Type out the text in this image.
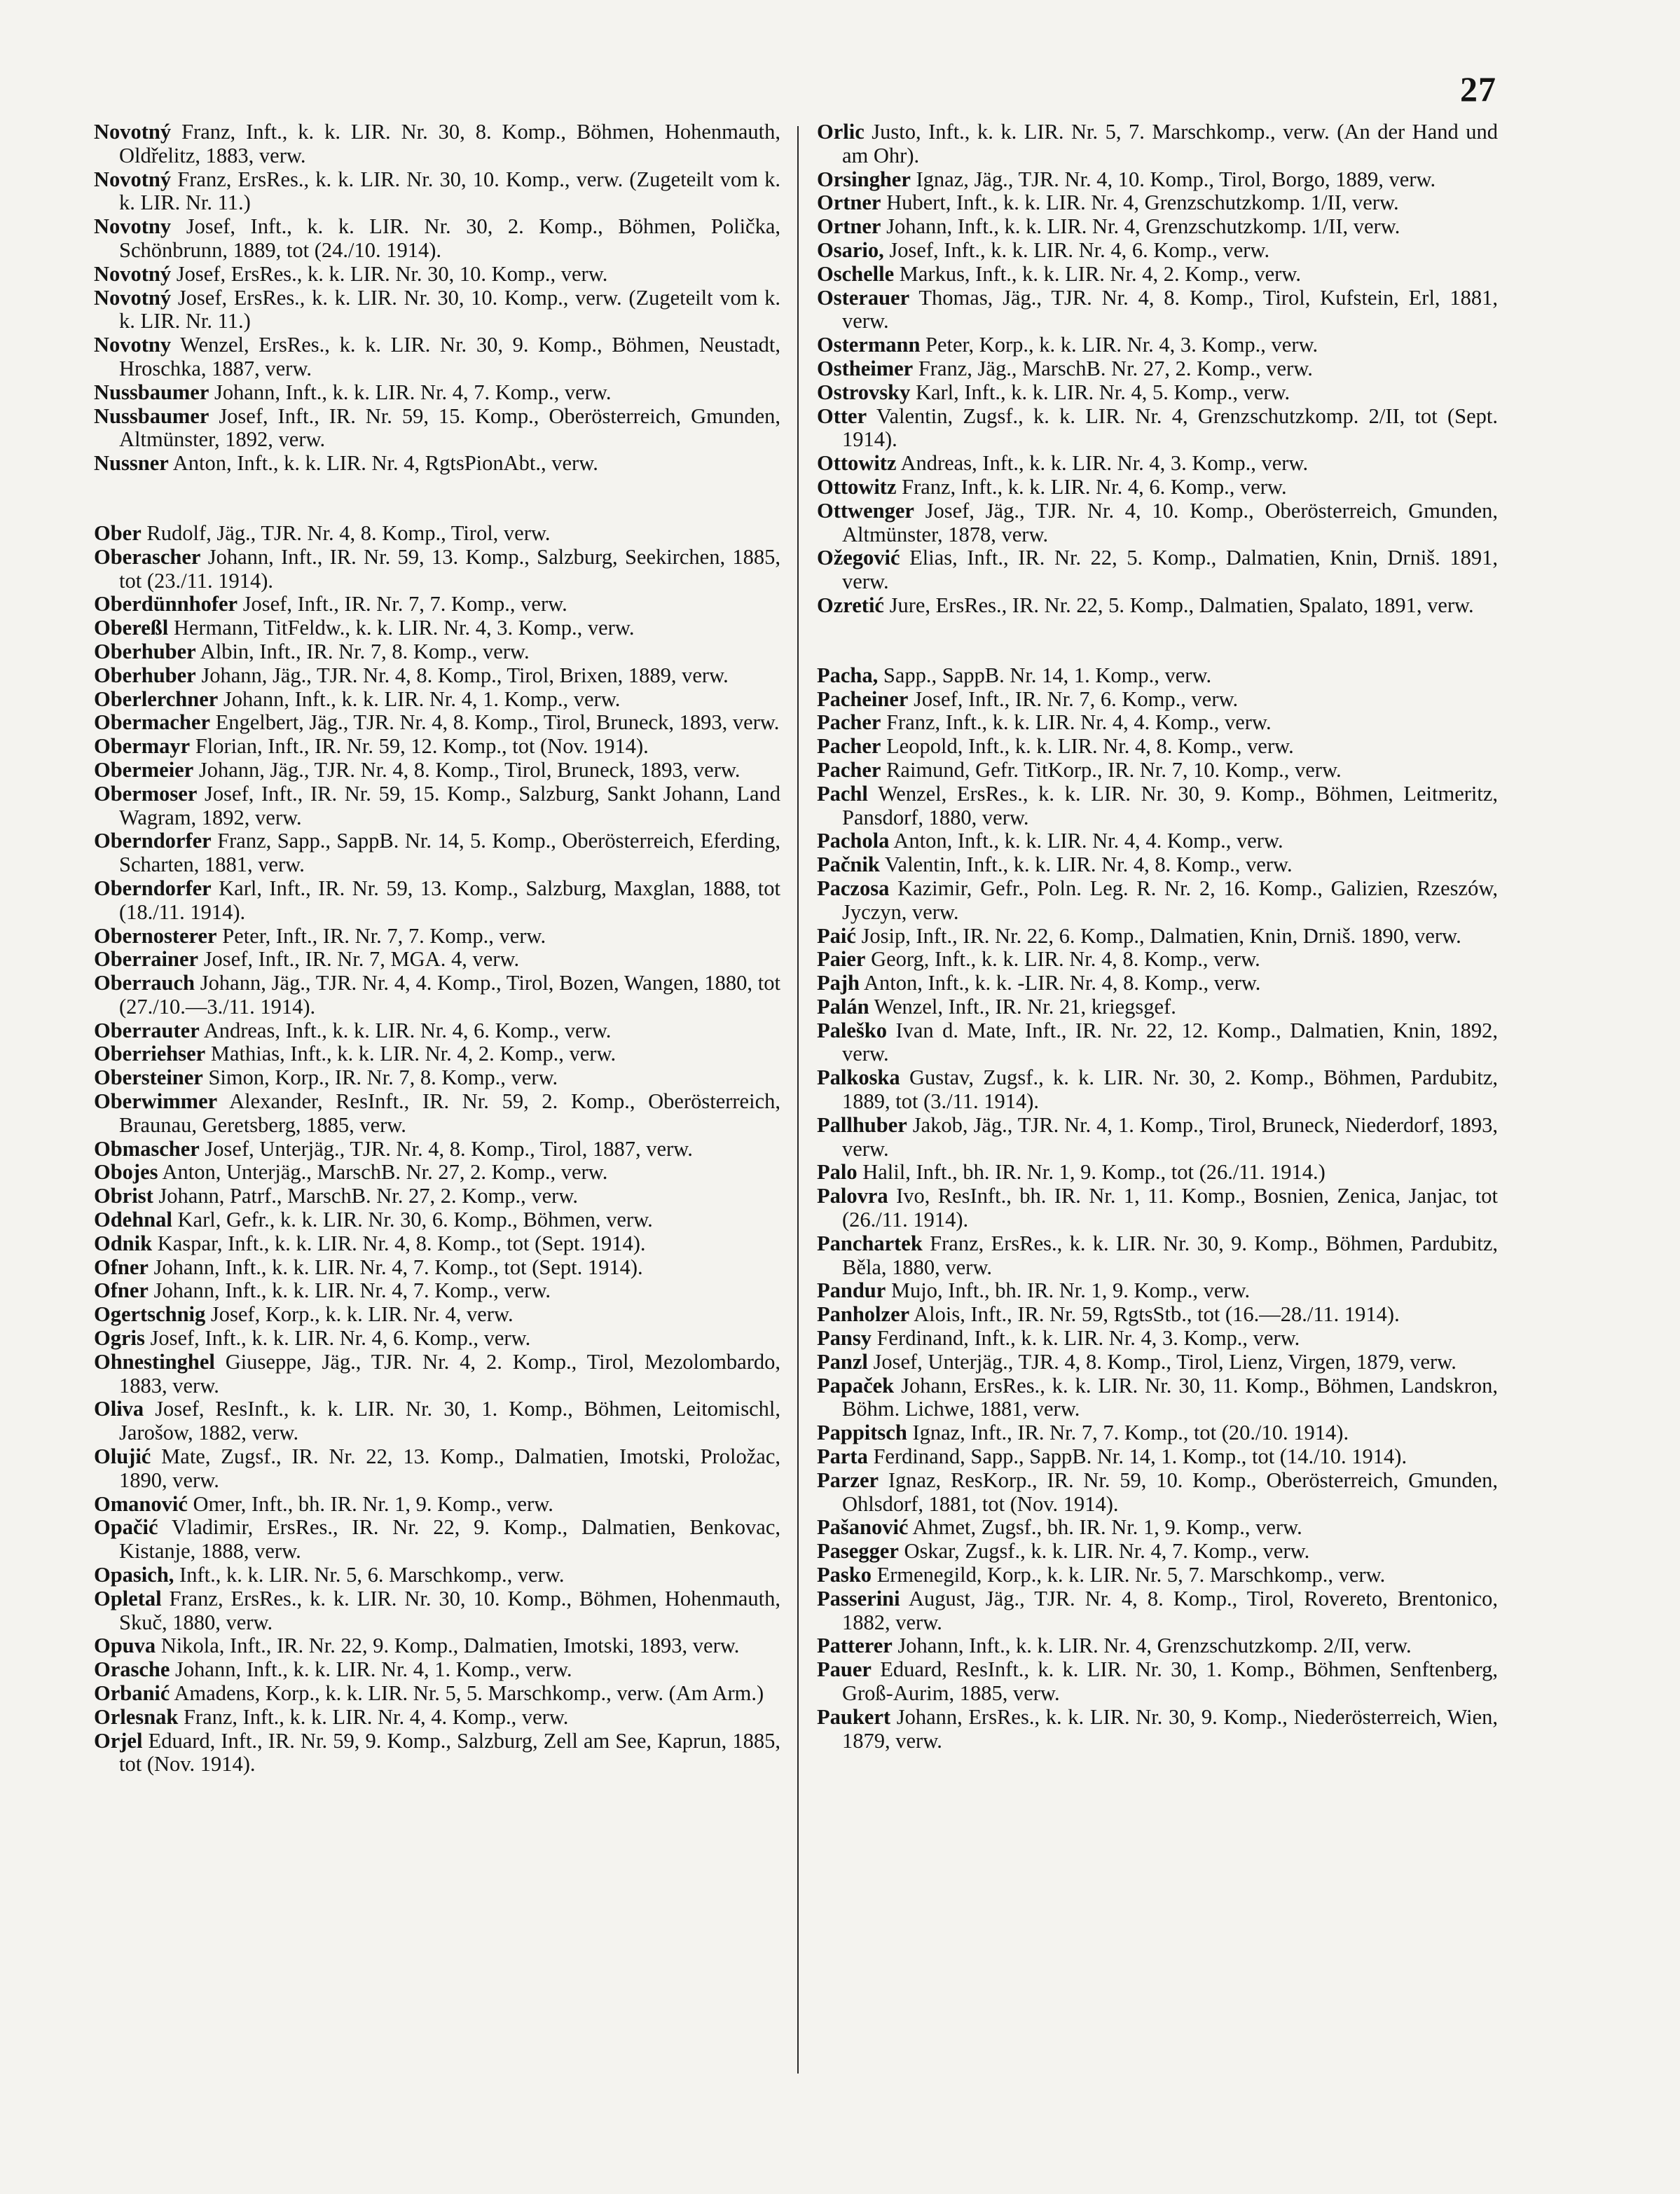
27

Novotný Franz, Inft., k. k. LIR. Nr. 30, 8. Komp., Böhmen, Hohenmauth, Oldřelitz, 1883, verw.

Novotný Franz, ErsRes., k. k. LIR. Nr. 30, 10. Komp., verw. (Zugeteilt vom k. k. LIR. Nr. 11.)

Novotny Josef, Inft., k. k. LIR. Nr. 30, 2. Komp., Böhmen, Polička, Schönbrunn, 1889, tot (24./10. 1914).

Novotný Josef, ErsRes., k. k. LIR. Nr. 30, 10. Komp., verw.

Novotný Josef, ErsRes., k. k. LIR. Nr. 30, 10. Komp., verw. (Zugeteilt vom k. k. LIR. Nr. 11.)

Novotny Wenzel, ErsRes., k. k. LIR. Nr. 30, 9. Komp., Böhmen, Neustadt, Hroschka, 1887, verw.

Nussbaumer Johann, Inft., k. k. LIR. Nr. 4, 7. Komp., verw.

Nussbaumer Josef, Inft., IR. Nr. 59, 15. Komp., Oberösterreich, Gmunden, Altmünster, 1892, verw.

Nussner Anton, Inft., k. k. LIR. Nr. 4, RgtsPionAbt., verw.

Ober Rudolf, Jäg., TJR. Nr. 4, 8. Komp., Tirol, verw.

Oberascher Johann, Inft., IR. Nr. 59, 13. Komp., Salzburg, Seekirchen, 1885, tot (23./11. 1914).

Oberdünnhofer Josef, Inft., IR. Nr. 7, 7. Komp., verw.

Obereßl Hermann, TitFeldw., k. k. LIR. Nr. 4, 3. Komp., verw.

Oberhuber Albin, Inft., IR. Nr. 7, 8. Komp., verw.

Oberhuber Johann, Jäg., TJR. Nr. 4, 8. Komp., Tirol, Brixen, 1889, verw.

Oberlerchner Johann, Inft., k. k. LIR. Nr. 4, 1. Komp., verw.

Obermacher Engelbert, Jäg., TJR. Nr. 4, 8. Komp., Tirol, Bruneck, 1893, verw.

Obermayr Florian, Inft., IR. Nr. 59, 12. Komp., tot (Nov. 1914).

Obermeier Johann, Jäg., TJR. Nr. 4, 8. Komp., Tirol, Bruneck, 1893, verw.

Obermoser Josef, Inft., IR. Nr. 59, 15. Komp., Salzburg, Sankt Johann, Land Wagram, 1892, verw.

Oberndorfer Franz, Sapp., SappB. Nr. 14, 5. Komp., Oberösterreich, Eferding, Scharten, 1881, verw.

Oberndorfer Karl, Inft., IR. Nr. 59, 13. Komp., Salzburg, Maxglan, 1888, tot (18./11. 1914).

Obernosterer Peter, Inft., IR. Nr. 7, 7. Komp., verw.

Oberrainer Josef, Inft., IR. Nr. 7, MGA. 4, verw.

Oberrauch Johann, Jäg., TJR. Nr. 4, 4. Komp., Tirol, Bozen, Wangen, 1880, tot (27./10.—3./11. 1914).

Oberrauter Andreas, Inft., k. k. LIR. Nr. 4, 6. Komp., verw.

Oberriehser Mathias, Inft., k. k. LIR. Nr. 4, 2. Komp., verw.

Obersteiner Simon, Korp., IR. Nr. 7, 8. Komp., verw.

Oberwimmer Alexander, ResInft., IR. Nr. 59, 2. Komp., Oberösterreich, Braunau, Geretsberg, 1885, verw.

Obmascher Josef, Unterjäg., TJR. Nr. 4, 8. Komp., Tirol, 1887, verw.

Obojes Anton, Unterjäg., MarschB. Nr. 27, 2. Komp., verw.

Obrist Johann, Patrf., MarschB. Nr. 27, 2. Komp., verw.

Odehnal Karl, Gefr., k. k. LIR. Nr. 30, 6. Komp., Böhmen, verw.

Odnik Kaspar, Inft., k. k. LIR. Nr. 4, 8. Komp., tot (Sept. 1914).

Ofner Johann, Inft., k. k. LIR. Nr. 4, 7. Komp., tot (Sept. 1914).

Ofner Johann, Inft., k. k. LIR. Nr. 4, 7. Komp., verw.

Ogertschnig Josef, Korp., k. k. LIR. Nr. 4, verw.

Ogris Josef, Inft., k. k. LIR. Nr. 4, 6. Komp., verw.

Ohnestinghel Giuseppe, Jäg., TJR. Nr. 4, 2. Komp., Tirol, Mezolombardo, 1883, verw.

Oliva Josef, ResInft., k. k. LIR. Nr. 30, 1. Komp., Böhmen, Leitomischl, Jarošow, 1882, verw.

Olujić Mate, Zugsf., IR. Nr. 22, 13. Komp., Dalmatien, Imotski, Proložac, 1890, verw.

Omanović Omer, Inft., bh. IR. Nr. 1, 9. Komp., verw.

Opačić Vladimir, ErsRes., IR. Nr. 22, 9. Komp., Dalmatien, Benkovac, Kistanje, 1888, verw.

Opasich, Inft., k. k. LIR. Nr. 5, 6. Marschkomp., verw.

Opletal Franz, ErsRes., k. k. LIR. Nr. 30, 10. Komp., Böhmen, Hohenmauth, Skuč, 1880, verw.

Opuva Nikola, Inft., IR. Nr. 22, 9. Komp., Dalmatien, Imotski, 1893, verw.

Orasche Johann, Inft., k. k. LIR. Nr. 4, 1. Komp., verw.

Orbanić Amadens, Korp., k. k. LIR. Nr. 5, 5. Marschkomp., verw. (Am Arm.)

Orlesnak Franz, Inft., k. k. LIR. Nr. 4, 4. Komp., verw.

Orjel Eduard, Inft., IR. Nr. 59, 9. Komp., Salzburg, Zell am See, Kaprun, 1885, tot (Nov. 1914).

Orlic Justo, Inft., k. k. LIR. Nr. 5, 7. Marschkomp., verw. (An der Hand und am Ohr).

Orsingher Ignaz, Jäg., TJR. Nr. 4, 10. Komp., Tirol, Borgo, 1889, verw.

Ortner Hubert, Inft., k. k. LIR. Nr. 4, Grenzschutzkomp. 1/II, verw.

Ortner Johann, Inft., k. k. LIR. Nr. 4, Grenzschutzkomp. 1/II, verw.

Osario, Josef, Inft., k. k. LIR. Nr. 4, 6. Komp., verw.

Oschelle Markus, Inft., k. k. LIR. Nr. 4, 2. Komp., verw.

Osterauer Thomas, Jäg., TJR. Nr. 4, 8. Komp., Tirol, Kufstein, Erl, 1881, verw.

Ostermann Peter, Korp., k. k. LIR. Nr. 4, 3. Komp., verw.

Ostheimer Franz, Jäg., MarschB. Nr. 27, 2. Komp., verw.

Ostrovsky Karl, Inft., k. k. LIR. Nr. 4, 5. Komp., verw.

Otter Valentin, Zugsf., k. k. LIR. Nr. 4, Grenzschutzkomp. 2/II, tot (Sept. 1914).

Ottowitz Andreas, Inft., k. k. LIR. Nr. 4, 3. Komp., verw.

Ottowitz Franz, Inft., k. k. LIR. Nr. 4, 6. Komp., verw.

Ottwenger Josef, Jäg., TJR. Nr. 4, 10. Komp., Oberösterreich, Gmunden, Altmünster, 1878, verw.

Ožegović Elias, Inft., IR. Nr. 22, 5. Komp., Dalmatien, Knin, Drniš. 1891, verw.

Ozretić Jure, ErsRes., IR. Nr. 22, 5. Komp., Dalmatien, Spalato, 1891, verw.

Pacha, Sapp., SappB. Nr. 14, 1. Komp., verw.

Pacheiner Josef, Inft., IR. Nr. 7, 6. Komp., verw.

Pacher Franz, Inft., k. k. LIR. Nr. 4, 4. Komp., verw.

Pacher Leopold, Inft., k. k. LIR. Nr. 4, 8. Komp., verw.

Pacher Raimund, Gefr. TitKorp., IR. Nr. 7, 10. Komp., verw.

Pachl Wenzel, ErsRes., k. k. LIR. Nr. 30, 9. Komp., Böhmen, Leitmeritz, Pansdorf, 1880, verw.

Pachola Anton, Inft., k. k. LIR. Nr. 4, 4. Komp., verw.

Pačnik Valentin, Inft., k. k. LIR. Nr. 4, 8. Komp., verw.

Paczosa Kazimir, Gefr., Poln. Leg. R. Nr. 2, 16. Komp., Galizien, Rzeszów, Jyczyn, verw.

Paić Josip, Inft., IR. Nr. 22, 6. Komp., Dalmatien, Knin, Drniš. 1890, verw.

Paier Georg, Inft., k. k. LIR. Nr. 4, 8. Komp., verw.

Pajh Anton, Inft., k. k. -LIR. Nr. 4, 8. Komp., verw.

Palán Wenzel, Inft., IR. Nr. 21, kriegsgef.

Paleško Ivan d. Mate, Inft., IR. Nr. 22, 12. Komp., Dalmatien, Knin, 1892, verw.

Palkoska Gustav, Zugsf., k. k. LIR. Nr. 30, 2. Komp., Böhmen, Pardubitz, 1889, tot (3./11. 1914).

Pallhuber Jakob, Jäg., TJR. Nr. 4, 1. Komp., Tirol, Bruneck, Niederdorf, 1893, verw.

Palo Halil, Inft., bh. IR. Nr. 1, 9. Komp., tot (26./11. 1914.)

Palovra Ivo, ResInft., bh. IR. Nr. 1, 11. Komp., Bosnien, Zenica, Janjac, tot (26./11. 1914).

Panchartek Franz, ErsRes., k. k. LIR. Nr. 30, 9. Komp., Böhmen, Pardubitz, Běla, 1880, verw.

Pandur Mujo, Inft., bh. IR. Nr. 1, 9. Komp., verw.

Panholzer Alois, Inft., IR. Nr. 59, RgtsStb., tot (16.—28./11. 1914).

Pansy Ferdinand, Inft., k. k. LIR. Nr. 4, 3. Komp., verw.

Panzl Josef, Unterjäg., TJR. 4, 8. Komp., Tirol, Lienz, Virgen, 1879, verw.

Papaček Johann, ErsRes., k. k. LIR. Nr. 30, 11. Komp., Böhmen, Landskron, Böhm. Lichwe, 1881, verw.

Pappitsch Ignaz, Inft., IR. Nr. 7, 7. Komp., tot (20./10. 1914).

Parta Ferdinand, Sapp., SappB. Nr. 14, 1. Komp., tot (14./10. 1914).

Parzer Ignaz, ResKorp., IR. Nr. 59, 10. Komp., Oberösterreich, Gmunden, Ohlsdorf, 1881, tot (Nov. 1914).

Pašanović Ahmet, Zugsf., bh. IR. Nr. 1, 9. Komp., verw.

Pasegger Oskar, Zugsf., k. k. LIR. Nr. 4, 7. Komp., verw.

Pasko Ermenegild, Korp., k. k. LIR. Nr. 5, 7. Marschkomp., verw.

Passerini August, Jäg., TJR. Nr. 4, 8. Komp., Tirol, Rovereto, Brentonico, 1882, verw.

Patterer Johann, Inft., k. k. LIR. Nr. 4, Grenzschutzkomp. 2/II, verw.

Pauer Eduard, ResInft., k. k. LIR. Nr. 30, 1. Komp., Böhmen, Senftenberg, Groß-Aurim, 1885, verw.

Paukert Johann, ErsRes., k. k. LIR. Nr. 30, 9. Komp., Niederösterreich, Wien, 1879, verw.
